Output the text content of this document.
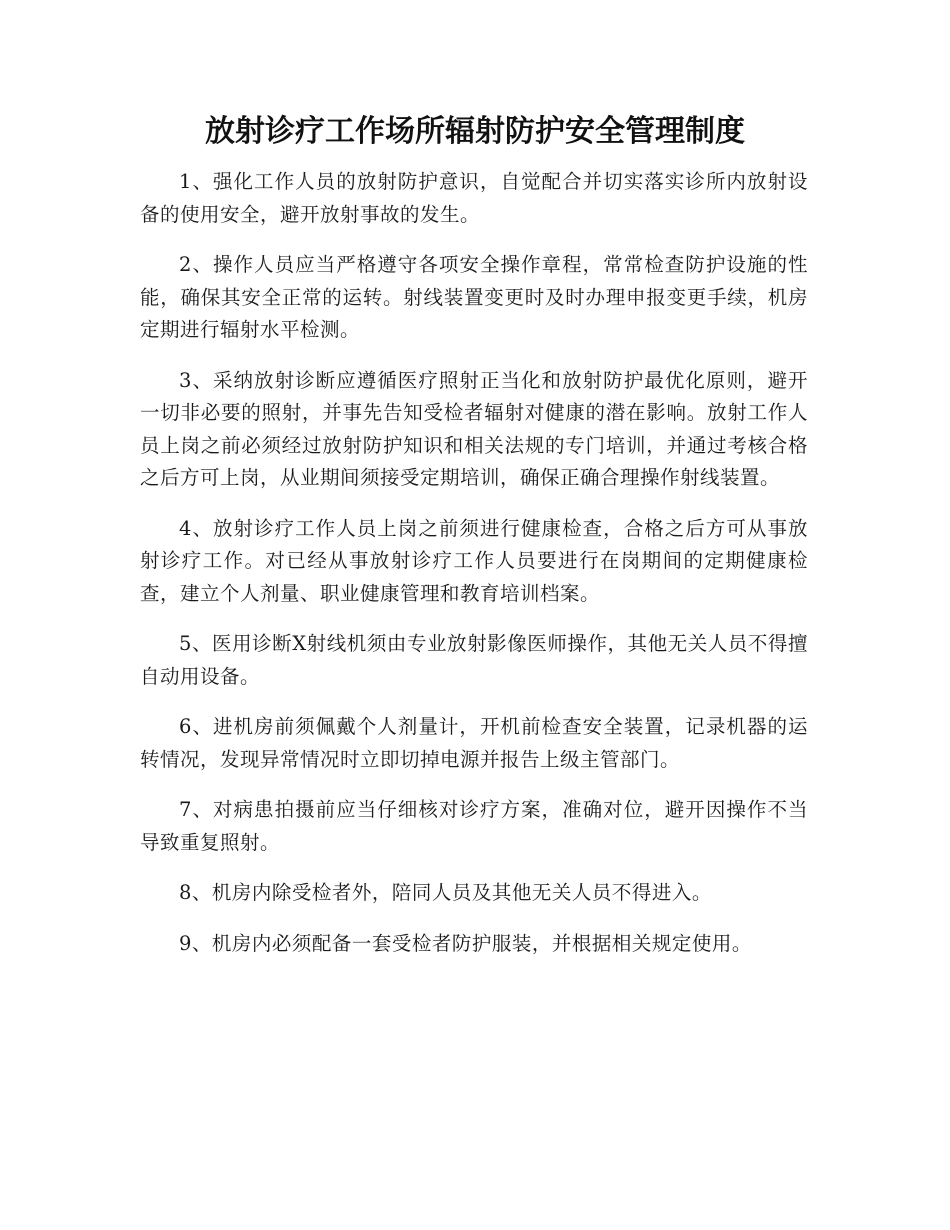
放射诊疗工作场所辐射防护安全管理制度

1、强化工作人员的放射防护意识，自觉配合并切实落实诊所内放射设备的使用安全，避开放射事故的发生。

2、操作人员应当严格遵守各项安全操作章程，常常检查防护设施的性能，确保其安全正常的运转。射线装置变更时及时办理申报变更手续，机房定期进行辐射水平检测。

3、采纳放射诊断应遵循医疗照射正当化和放射防护最优化原则，避开一切非必要的照射，并事先告知受检者辐射对健康的潜在影响。放射工作人员上岗之前必须经过放射防护知识和相关法规的专门培训，并通过考核合格之后方可上岗，从业期间须接受定期培训，确保正确合理操作射线装置。

4、放射诊疗工作人员上岗之前须进行健康检查，合格之后方可从事放射诊疗工作。对已经从事放射诊疗工作人员要进行在岗期间的定期健康检查，建立个人剂量、职业健康管理和教育培训档案。

5、医用诊断X射线机须由专业放射影像医师操作，其他无关人员不得擅自动用设备。

6、进机房前须佩戴个人剂量计，开机前检查安全装置，记录机器的运转情况，发现异常情况时立即切掉电源并报告上级主管部门。

7、对病患拍摄前应当仔细核对诊疗方案，准确对位，避开因操作不当导致重复照射。

8、机房内除受检者外，陪同人员及其他无关人员不得进入。

9、机房内必须配备一套受检者防护服装，并根据相关规定使用。
